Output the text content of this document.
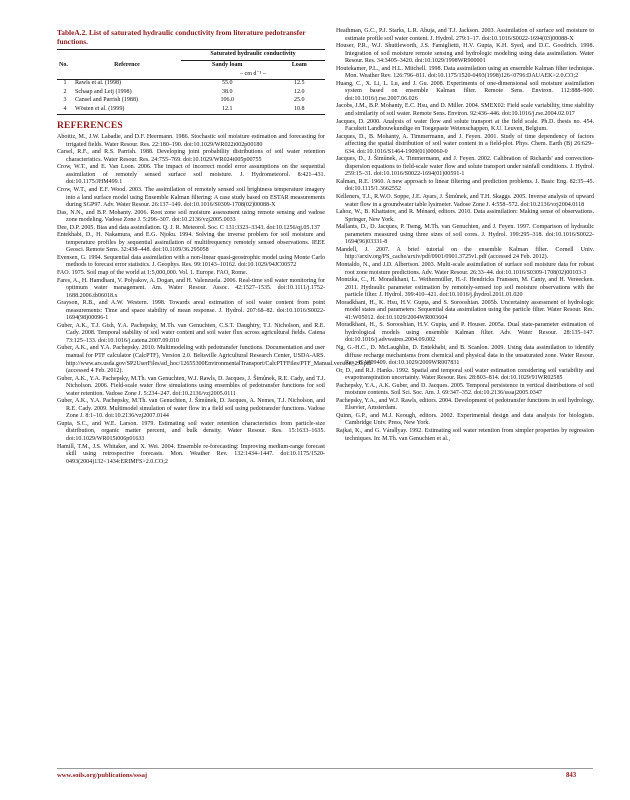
TableA.2. List of saturated hydraulic conductivity from literature pedotransfer functions.

No.	Reference	Saturated hydraulic conductivity	
		Sandy loam	Loam
		– cm d⁻¹ –	
1	Rawls et al. (1998)	55.0	12.5
2	Schaap and Leij (1998)	38.0	12.0
3	Cansel and Parrish (1988)	106.0	25.0
4	Wösten et al. (1999)	12.1	10.8
REFERENCES

Aboitiz, M., J.W. Labadie, and D.F. Heermann. 1986. Stochastic soil moisture estimation and forecasting for irrigated fields. Water Resour. Res. 22:180–190. doi:10.1029/WR022i002p00180

Carsel, R.F., and R.S. Parrish. 1988. Developing joint probability distributions of soil water retention characteristics. Water Resour. Res. 24:755–769. doi:10.1029/WR024i005p00755

Crow, W.T., and E. Van Loon. 2006. The impact of incorrect model error assumptions on the sequential assimilation of remotely sensed surface soil moisture. J. Hydrometeorol. 8:421–431. doi:10.1175/JHM499.1

Crow, W.T., and E.F. Wood. 2003. The assimilation of remotely sensed soil brightness temperature imagery into a land surface model using Ensemble Kalman filtering: A case study based on ESTAR measurements during SGP97. Adv. Water Resour. 26:137–149. doi:10.1016/S0309-1708(02)00088-X

Das, N.N., and B.P. Mohanty. 2006. Root zone soil moisture assessment using remote sensing and vadose zone modeling. Vadose Zone J. 5:296–307. doi:10.2136/vzj2005.0033

Dee, D.P. 2005. Bias and data assimilation. Q. J. R. Meteorol. Soc. C 131:3323–3343. doi:10.1256/qj.05.137

Entekhabi, D., H. Nakamura, and E.G. Njoku. 1994. Solving the inverse problem for soil moisture and temperature profiles by sequential assimilation of multifrequency remotely sensed observations. IEEE Geosci. Remote Sens. 32:438–448. doi:10.1109/36.295058

Evensen, G. 1994. Sequential data assimilation with a non-linear quasi-geostrophic model using Monte Carlo methods to forecast error statistics. J. Geophys. Res. 99:10143–10162. doi:10.1029/94JC00572

FAO. 1975. Soil map of the world at 1:5,000,000. Vol. 1. Europe. FAO, Rome.

Fares, A., H. Hamdhani, V. Polyakov, A. Dogan, and H. Valenzuela. 2006. Real-time soil water monitoring for optimum water management. Am. Water Resour. Assoc. 42:1527–1535. doi:10.1111/j.1752-1688.2006.tb06018.x

Grayson, R.B., and A.W. Western. 1998. Towards areal estimation of soil water content from point measurements: Time and space stability of mean response. J. Hydrol. 207:68–82. doi:10.1016/S0022-1694(98)00096-1

Guber, A.K., T.J. Gish, Y.A. Pachepsky, M.Th. van Genuchten, C.S.T. Daughtry, T.J. Nicholson, and R.E. Cady. 2008. Temporal stability of soil water content and soil water flux across agricultural fields. Catena 73:125–133. doi:10.1016/j.catena.2007.09.010

Guber, A.K., and Y.A. Pachepsky. 2010. Multimodeling with pedotransfer functions. Documentation and user manual for PTF calculator (CalcPTF), Version 2.0. Beltsville Agricultural Research Center, USDA-ARS. http://www.ars.usda.gov/SP2UserFiles/ad_hoc/12655300EnvironmentalTransport/CalcPTFFiles/PTF_Manual.version_2.0.pdf (accessed 4 Feb. 2012).

Guber, A.K., Y.A. Pachepsky, M.Th. van Genuchten, W.J. Rawls, D. Jacques, J. Šimůnek, R.E. Cady, and T.J. Nicholson. 2006. Field-scale water flow simulations using ensembles of pedotransfer functions for soil water retention. Vadose Zone J. 5:234–247. doi:10.2136/vzj2005.0111

Guber, A.K., Y.A. Pachepsky, M.Th. van Genuchten, J. Šimůnek, D. Jacques, A. Nemes, T.J. Nicholson, and R.E. Cady. 2009. Multimodel simulation of water flow in a field soil using pedotransfer functions. Vadose Zone J. 8:1–10. doi:10.2136/vzj2007.0144

Gupta, S.C., and W.E. Larson. 1979. Estimating soil water retention characteristics from particle-size distribution, organic matter percent, and bulk density. Water Resour. Res. 15:1633–1635. doi:10.1029/WR015i006p01633

Hamill, T.M., J.S. Whitaker, and X. Wei. 2004. Ensemble re-forecasting: Improving medium-range forecast skill using retrospective forecasts. Mon. Weather Rev. 132:1434–1447. doi:10.1175/1520-0493(2004)132<1434:ERIMFS>2.0.CO;2

Heathman, G.C., P.J. Starks, L.R. Ahuja, and T.J. Jackson. 2003. Assimilation of surface soil moisture to estimate profile soil water content. J. Hydrol. 279:1–17. doi:10.1016/S0022-1694(03)00088-X

Houser, P.R., W.J. Shuttleworth, J.S. Famiglietti, H.V. Gupta, K.H. Syed, and D.C. Goodrich. 1998. Integration of soil moisture remote sensing and hydrologic modeling using data assimilation. Water Resour. Res. 34:3405–3420. doi:10.1029/1998WR900001

Houtekamer, P.L., and H.L. Mitchell. 1998. Data assimilation using an ensemble Kalman filter technique. Mon. Weather Rev. 126:796–811. doi:10.1175/1520-0493(1998)126<0796:DAUAEK>2.0.CO;2

Huang, C., X. Li, L. Lu, and J. Gu. 2008. Experiments of one-dimensional soil moisture assimilation system based on ensemble Kalman filter. Remote Sens. Environ. 112:888–900. doi:10.1016/j.rse.2007.06.026

Jacobs, J.M., B.P. Mohanty, E.C. Hsu, and D. Miller. 2004. SMEX02: Field scale variability, time stability and similarity of soil water. Remote Sens. Environ. 92:436–446. doi:10.1016/j.rse.2004.02.017

Jacques, D. 2000. Analysis of water flow and solute transport at the field scale. Ph.D. thesis no. 454. Faculteit Landbouwkundige en Toegepaste Wetenschappen, K.U. Leuven, Belgium.

Jacques, D., B. Mohanty, A. Timmermann, and J. Feyen. 2001. Study of time dependency of factors affecting the spatial distribution of soil water content in a field-plot. Phys. Chem. Earth (B) 26:629–634. doi:10.1016/S1464-1909(01)00060-0

Jacques, D., J. Šimůnek, A. Timmermann, and J. Feyen. 2002. Calibration of Richards' and convection-dispersion equations to field-scale water flow and solute transport under rainfall conditions. J. Hydrol. 259:15–31. doi:10.1016/S0022-1694(01)00591-1

Kalman, R.E. 1960. A new approach to linear filtering and prediction problems. J. Basic Eng. 82:35–45. doi:10.1115/1.3662552

Kelleners, T.J., R.W.O. Soppe, J.E. Ayars, J. Šimůnek, and T.H. Skaggs. 2005. Inverse analysis of upward water flow in a groundwater table lysimeter. Vadose Zone J. 4:558–572. doi:10.2136/vzj2004.0118

Lahoz, W., B. Khattatov, and R. Ménard, editors. 2010. Data assimilation: Making sense of observations. Springer, New York.

Mallants, D., D. Jacques, P. Tseng, M.Th. van Genuchten, and J. Feyen. 1997. Comparison of hydraulic parameters measured using three sizes of soil cores. J. Hydrol. 199:295–318. doi:10.1016/S0022-1694(96)03331-8

Mandell, J. 2007. A brief tutorial on the ensemble Kalman filter. Cornell Univ. http://arxiv.org/PS_cache/arxiv/pdf/0901/0901.3725v1.pdf (accessed 24 Feb. 2012).

Montaldo, N., and J.D. Albertson. 2003. Multi-scale assimilation of surface soil moisture data for robust root zone moisture predictions. Adv. Water Resour. 26:33–44. doi:10.1016/S0309-1708(02)00103-3

Montzka, C., H. Moradkhani, L. Weihermüller, H.-J. Hendricks Franssen, M. Canty, and H. Vereecken. 2011. Hydraulic parameter estimation by remotely-sensed top soil moisture observations with the particle filter. J. Hydrol. 399:410–421. doi:10.1016/j.jhydrol.2011.01.020

Moradkhani, H., K. Hsu, H.V. Gupta, and S. Sorooshian. 2005b. Uncertainty assessment of hydrologic model states and parameters: Sequential data assimilation using the particle filter. Water Resour. Res. 41:W05012. doi:10.1029/2004WR003604

Moradkhani, H., S. Sorooshian, H.V. Gupta, and P. Houser. 2005a. Dual state-parameter estimation of hydrological models using ensemble Kalman filter. Adv. Water Resour. 28:135–147. doi:10.1016/j.advwatres.2004.09.002

Ng, G.-H.C., D. McLaughlin, D. Entekhabi, and B. Scanlon. 2009. Using data assimilation to identify diffuse recharge mechanisms from chemical and physical data in the unsaturated zone. Water Resour. Res. 45:W09409. doi:10.1029/2009WR007831

Or, D., and R.J. Hanks. 1992. Spatial and temporal soil water estimation considering soil variability and evapotranspiration uncertainty. Water Resour. Res. 28:803–814. doi:10.1029/91WR02585

Pachepsky, Y.A., A.K. Guber, and D. Jacques. 2005. Temporal persistence in vertical distributions of soil moisture contents. Soil Sci. Soc. Am. J. 69:347–352. doi:10.2136/sssaj2005.0347

Pachepsky, Y.A., and W.J. Rawls, editors. 2004. Development of pedotransfer functions in soil hydrology. Elsevier, Amsterdam.

Quinn, G.P., and M.J. Keough, editors. 2002. Experimental design and data analysis for biologists. Cambridge Univ. Press, New York.

Rajkai, K., and G. Várallyay. 1992. Estimating soil water retention from simpler properties by regression techniques. In: M.Th. van Genuchten et al.,

www.soils.org/publications/sssaj	843
